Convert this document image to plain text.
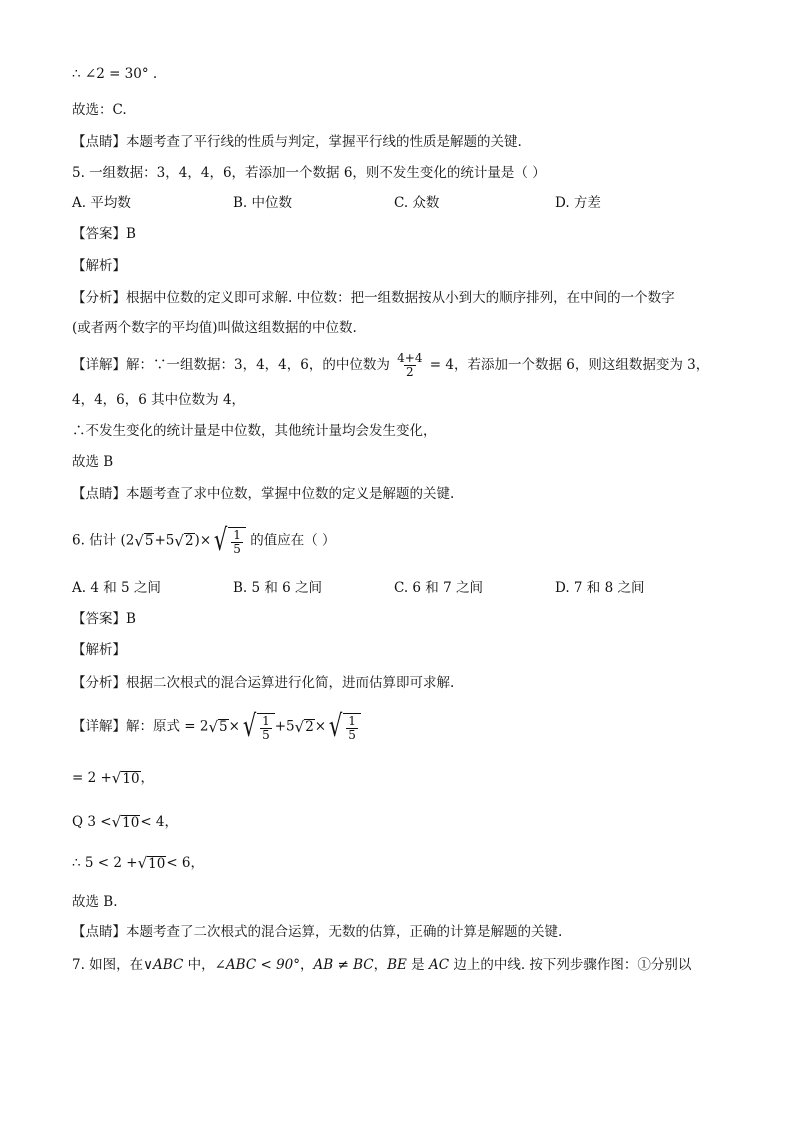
∴ ∠2 = 30° .
故选：C.
【点睛】本题考查了平行线的性质与判定，掌握平行线的性质是解题的关键.
5. 一组数据：3，4，4，6，若添加一个数据 6，则不发生变化的统计量是（ ）
A. 平均数	B. 中位数	C. 众数	D. 方差
【答案】B
【解析】
【分析】根据中位数的定义即可求解. 中位数：把一组数据按从小到大的顺序排列，在中间的一个数字
(或者两个数字的平均值)叫做这组数据的中位数.
【详解】解：∵一组数据：3，4，4，6，的中位数为 $\frac{4+4}{2} = 4$，若添加一个数据 6，则这组数据变为 3，
4，4，6，6 其中位数为 4，
∴不发生变化的统计量是中位数，其他统计量均会发生变化，
故选 B
【点睛】本题考查了求中位数，掌握中位数的定义是解题的关键.
6. 估计 (2 √ 5 +5 √ 2 )× √ $\frac{1}{5}$ 的值应在（ ）
A. 4 和 5 之间	B. 5 和 6 之间	C. 6 和 7 之间	D. 7 和 8 之间
【答案】B
【解析】
【分析】根据二次根式的混合运算进行化简，进而估算即可求解.
【详解】解：原式 = 2 √ 5 × √ $\frac{1}{5} +5$ √ 2 × √ $\frac{1}{5}$
= 2 + √ 10 ，
Q 3 < √ 10 < 4，
∴ 5 < 2 + √ 10 < 6，
故选 B.
【点睛】本题考查了二次根式的混合运算，无数的估算，正确的计算是解题的关键.
7. 如图，在∨ABC 中，∠ABC < 90°，AB ≠ BC，BE 是 AC 边上的中线. 按下列步骤作图：①分别以
